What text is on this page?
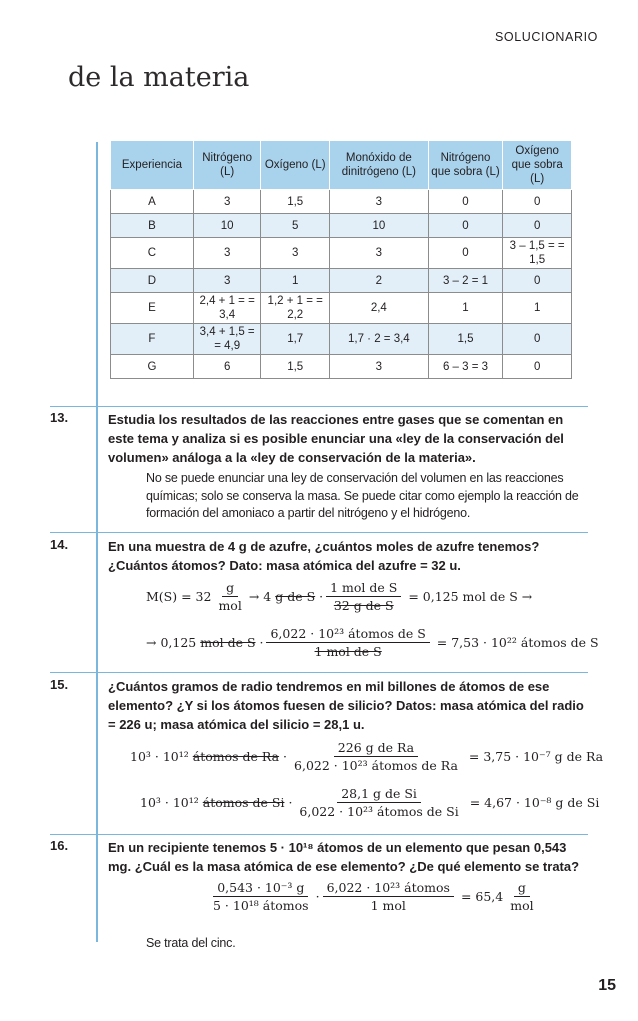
SOLUCIONARIO
de la materia
Experiencia	Nitrógeno (L)	Oxígeno (L)	Monóxido de dinitrógeno (L)	Nitrógeno que sobra (L)	Oxígeno que sobra (L)
A	3	1,5	3	0	0
B	10	5	10	0	0
C	3	3	3	0	3 – 1,5 = = 1,5
D	3	1	2	3 – 2 = 1	0
E	2,4 + 1 = = 3,4	1,2 + 1 = = 2,2	2,4	1	1
F	3,4 + 1,5 = = 4,9	1,7	1,7 · 2 = 3,4	1,5	0
G	6	1,5	3	6 – 3 = 3	0
13.	Estudia los resultados de las reacciones entre gases que se comentan en este tema y analiza si es posible enunciar una «ley de la conservación del volumen» análoga a la «ley de conservación de la materia».
No se puede enunciar una ley de conservación del volumen en las reacciones químicas; solo se conserva la masa. Se puede citar como ejemplo la reacción de formación del amoniaco a partir del nitrógeno y el hidrógeno.
14.	En una muestra de 4 g de azufre, ¿cuántos moles de azufre tenemos? ¿Cuántos átomos? Dato: masa atómica del azufre = 32 u.
$M(S) = 32 \frac{g}{\text{mol}} \to 4$
g de S
· $\frac{\text{1 mol de S}}{\text{32 g de S}}$
= 0,125 mol de S →
→ 0,125
mol de S
· $\frac{\text{6,022 · 10²³ átomos de S}}{\text{1 mol de S}}$
= 7,53 · 10²² átomos de S
15.	¿Cuántos gramos de radio tendremos en mil billones de átomos de ese elemento? ¿Y si los átomos fuesen de silicio? Datos: masa atómica del radio = 226 u; masa atómica del silicio = 28,1 u.
10³ · 10¹²
átomos de Ra
· $\frac{\text{226 g de Ra}}{\text{6,022 · 10²³ átomos de Ra}}$
= 3,75 · 10⁻⁷ g de Ra
10³ · 10¹²
átomos de Si
· $\frac{\text{28,1 g de Si}}{\text{6,022 · 10²³ átomos de Si}}$
= 4,67 · 10⁻⁸ g de Si
16.	En un recipiente tenemos 5 · 10¹⁸ átomos de un elemento que pesan 0,543 mg. ¿Cuál es la masa atómica de ese elemento? ¿De qué elemento se trata?
$\frac{\text{0,543 · 10⁻³ g}}{\text{5 · 10¹⁸ átomos}} \cdot \frac{\text{6,022 · 10²³ átomos}}{\text{1 mol}}$
= $65,4 \frac{g}{\text{mol}}$
Se trata del cinc.
15
